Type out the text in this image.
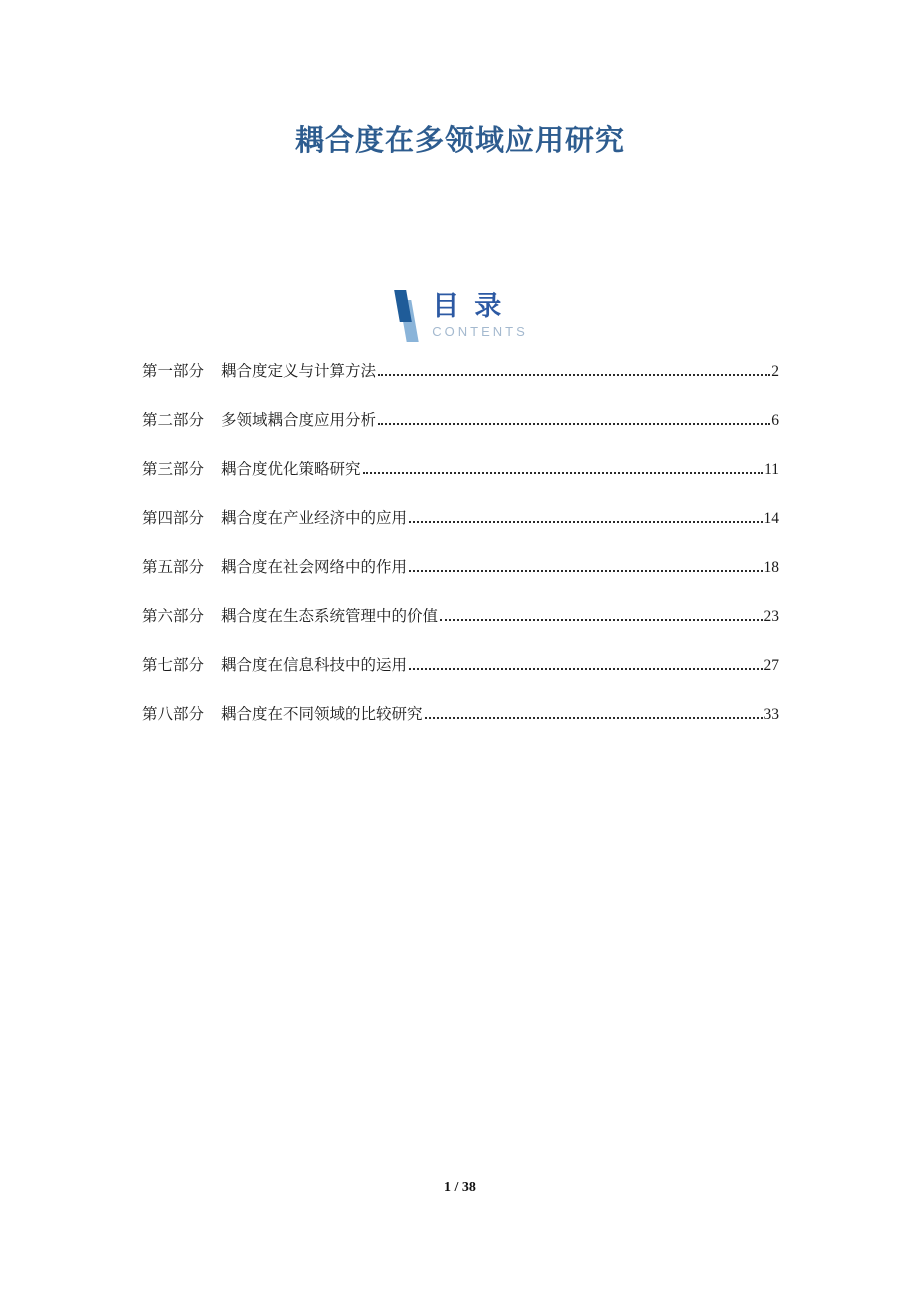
耦合度在多领域应用研究
目  录
CONTENTS
第一部分 耦合度定义与计算方法	2
第二部分 多领域耦合度应用分析	6
第三部分 耦合度优化策略研究	11
第四部分 耦合度在产业经济中的应用	14
第五部分 耦合度在社会网络中的作用	18
第六部分 耦合度在生态系统管理中的价值	23
第七部分 耦合度在信息科技中的运用	27
第八部分 耦合度在不同领域的比较研究	33
1 / 38
